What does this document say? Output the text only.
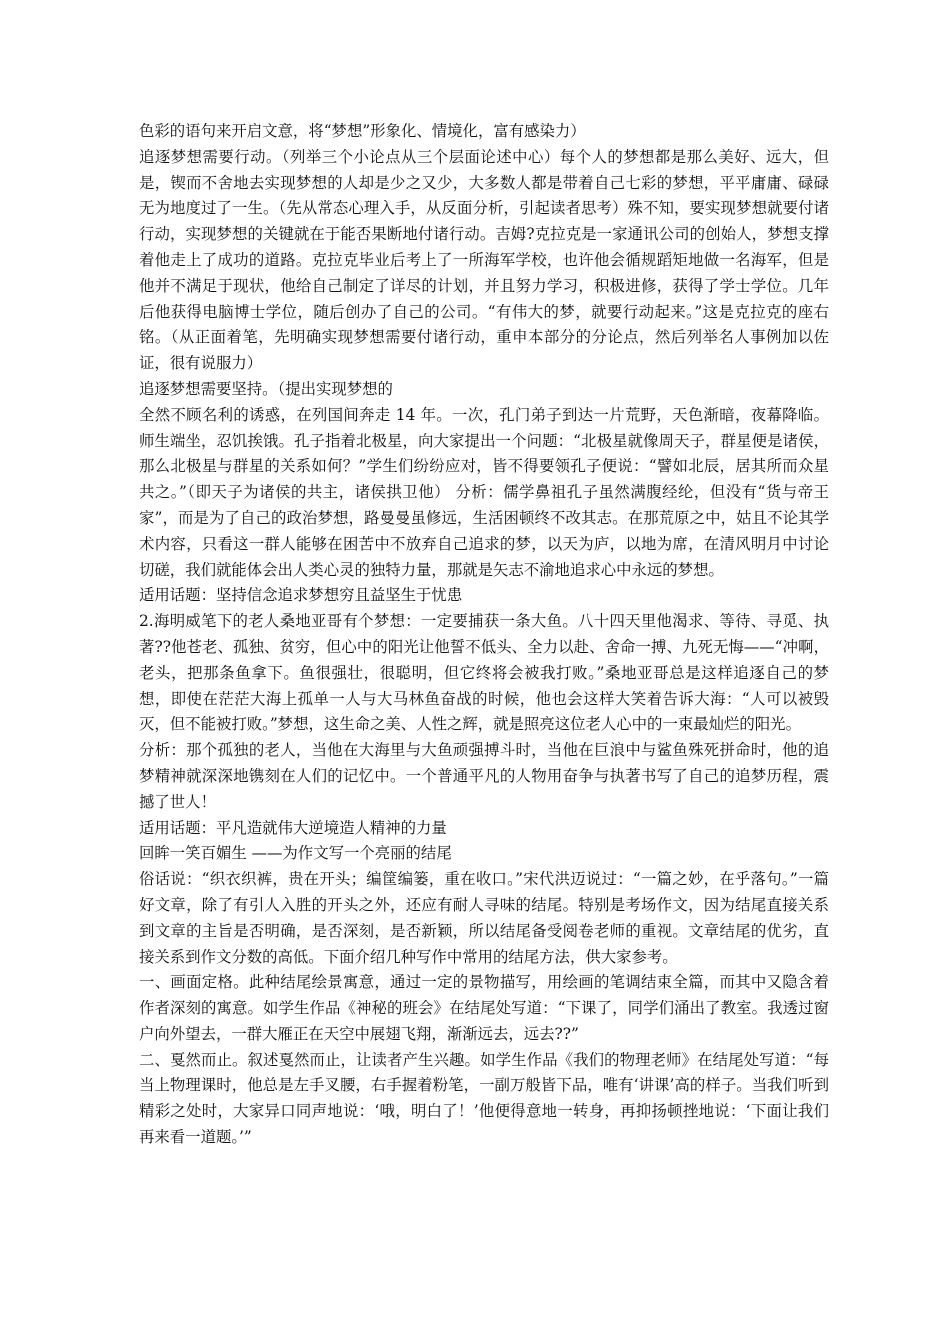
色彩的语句来开启文意，将“梦想”形象化、情境化，富有感染力）

追逐梦想需要行动。（列举三个小论点从三个层面论述中心）每个人的梦想都是那么美好、远大，但是，锲而不舍地去实现梦想的人却是少之又少，大多数人都是带着自己七彩的梦想，平平庸庸、碌碌无为地度过了一生。（先从常态心理入手，从反面分析，引起读者思考）殊不知，要实现梦想就要付诸行动，实现梦想的关键就在于能否果断地付诸行动。吉姆?克拉克是一家通讯公司的创始人，梦想支撑着他走上了成功的道路。克拉克毕业后考上了一所海军学校，也许他会循规蹈矩地做一名海军，但是他并不满足于现状，他给自己制定了详尽的计划，并且努力学习，积极进修，获得了学士学位。几年后他获得电脑博士学位，随后创办了自己的公司。“有伟大的梦，就要行动起来。”这是克拉克的座右铭。（从正面着笔，先明确实现梦想需要付诸行动，重申本部分的分论点，然后列举名人事例加以佐证，很有说服力）

追逐梦想需要坚持。（提出实现梦想的

全然不顾名利的诱惑，在列国间奔走 14 年。一次，孔门弟子到达一片荒野，天色渐暗，夜幕降临。师生端坐，忍饥挨饿。孔子指着北极星，向大家提出一个问题：“北极星就像周天子，群星便是诸侯，那么北极星与群星的关系如何？”学生们纷纷应对，皆不得要领孔子便说：“譬如北辰，居其所而众星共之。”（即天子为诸侯的共主，诸侯拱卫他） 分析：儒学鼻祖孔子虽然满腹经纶，但没有“货与帝王家”，而是为了自己的政治梦想，路曼曼虽修远，生活困顿终不改其志。在那荒原之中，姑且不论其学术内容，只看这一群人能够在困苦中不放弃自己追求的梦，以天为庐，以地为席，在清风明月中讨论切磋，我们就能体会出人类心灵的独特力量，那就是矢志不渝地追求心中永远的梦想。

适用话题：坚持信念追求梦想穷且益坚生于忧患

2.海明威笔下的老人桑地亚哥有个梦想：一定要捕获一条大鱼。八十四天里他渴求、等待、寻觅、执著??他苍老、孤独、贫穷，但心中的阳光让他誓不低头、全力以赴、舍命一搏、九死无悔——“冲啊，老头，把那条鱼拿下。鱼很强壮，很聪明，但它终将会被我打败。”桑地亚哥总是这样追逐自己的梦想，即使在茫茫大海上孤单一人与大马林鱼奋战的时候，他也会这样大笑着告诉大海：“人可以被毁灭，但不能被打败。”梦想，这生命之美、人性之辉，就是照亮这位老人心中的一束最灿烂的阳光。

分析：那个孤独的老人，当他在大海里与大鱼顽强搏斗时，当他在巨浪中与鲨鱼殊死拼命时，他的追梦精神就深深地镌刻在人们的记忆中。一个普通平凡的人物用奋争与执著书写了自己的追梦历程，震撼了世人！

适用话题：平凡造就伟大逆境造人精神的力量

回眸一笑百媚生 ——为作文写一个亮丽的结尾

俗话说：“织衣织裤，贵在开头；编筐编篓，重在收口。”宋代洪迈说过：“一篇之妙，在乎落句。”一篇好文章，除了有引人入胜的开头之外，还应有耐人寻味的结尾。特别是考场作文，因为结尾直接关系到文章的主旨是否明确，是否深刻，是否新颖，所以结尾备受阅卷老师的重视。文章结尾的优劣，直接关系到作文分数的高低。下面介绍几种写作中常用的结尾方法，供大家参考。

一、画面定格。此种结尾绘景寓意，通过一定的景物描写，用绘画的笔调结束全篇，而其中又隐含着作者深刻的寓意。如学生作品《神秘的班会》在结尾处写道：“下课了，同学们涌出了教室。我透过窗户向外望去，一群大雁正在天空中展翅飞翔，渐渐远去，远去??”

二、戛然而止。叙述戛然而止，让读者产生兴趣。如学生作品《我们的物理老师》在结尾处写道：“每当上物理课时，他总是左手叉腰，右手握着粉笔，一副万般皆下品，唯有‘讲课’高的样子。当我们听到精彩之处时，大家异口同声地说：‘哦，明白了！’他便得意地一转身，再抑扬顿挫地说：‘下面让我们再来看一道题。’”
